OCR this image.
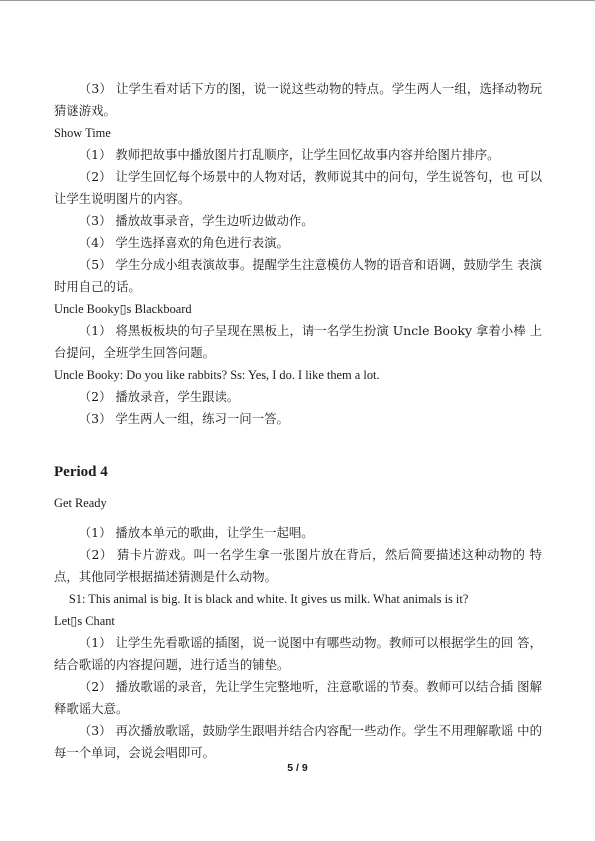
（3） 让学生看对话下方的图，说一说这些动物的特点。学生两人一组，选择动物玩猜谜游戏。

Show Time

（1） 教师把故事中播放图片打乱顺序，让学生回忆故事内容并给图片排序。

（2） 让学生回忆每个场景中的人物对话，教师说其中的问句，学生说答句，也 可以让学生说明图片的内容。

（3） 播放故事录音，学生边听边做动作。

（4） 学生选择喜欢的角色进行表演。

（5） 学生分成小组表演故事。提醒学生注意模仿人物的语音和语调，鼓励学生 表演时用自己的话。

Uncle Booky▯s Blackboard

（1） 将黑板板块的句子呈现在黑板上，请一名学生扮演 Uncle Booky 拿着小棒 上台提问，全班学生回答问题。

Uncle Booky: Do you like rabbits? Ss: Yes, I do. I like them a lot.

（2） 播放录音，学生跟读。

（3） 学生两人一组，练习一问一答。

Period 4

Get Ready

（1） 播放本单元的歌曲，让学生一起唱。

（2） 猜卡片游戏。叫一名学生拿一张图片放在背后，然后简要描述这种动物的 特点，其他同学根据描述猜测是什么动物。

S1: This animal is big. It is black and white. It gives us milk. What animals is it?

Let▯s Chant

（1） 让学生先看歌谣的插图，说一说图中有哪些动物。教师可以根据学生的回 答，结合歌谣的内容提问题，进行适当的铺垫。

（2） 播放歌谣的录音，先让学生完整地听，注意歌谣的节奏。教师可以结合插 图解释歌谣大意。

（3） 再次播放歌谣，鼓励学生跟唱并结合内容配一些动作。学生不用理解歌谣 中的每一个单词，会说会唱即可。

5 / 9
